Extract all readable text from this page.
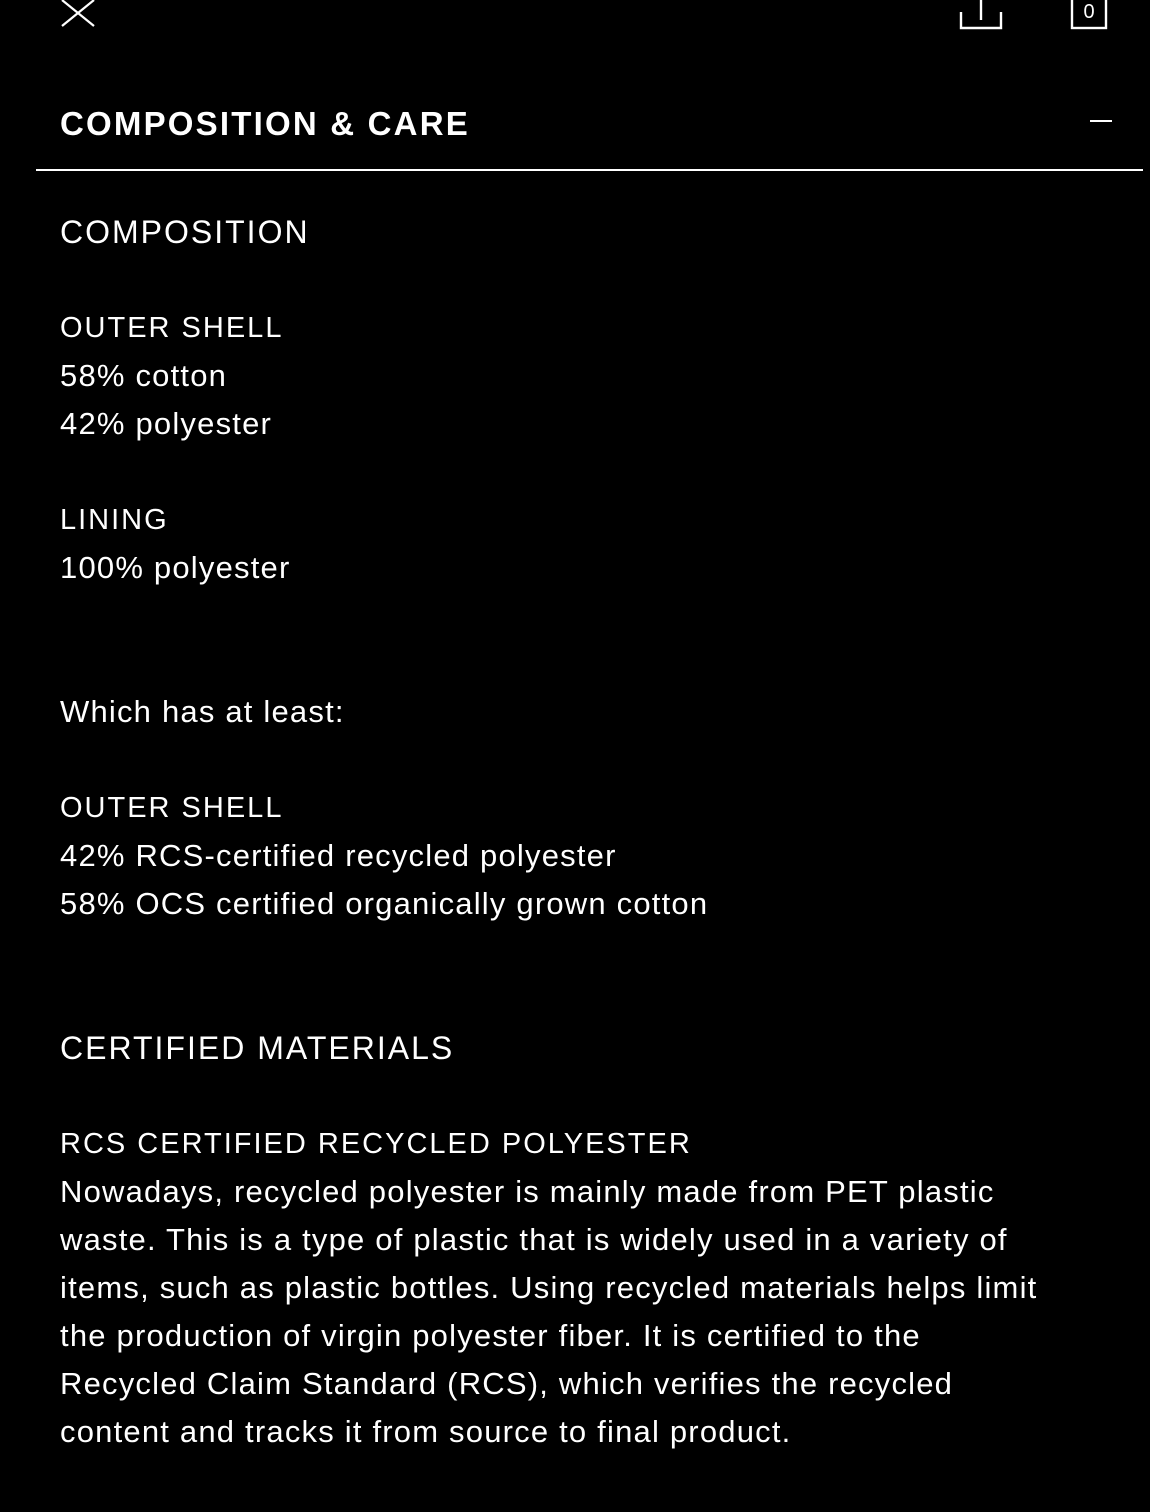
0
COMPOSITION & CARE
COMPOSITION
OUTER SHELL
58% cotton
42% polyester
LINING
100% polyester
Which has at least:
OUTER SHELL
42% RCS-certified recycled polyester
58% OCS certified organically grown cotton
CERTIFIED MATERIALS
RCS CERTIFIED RECYCLED POLYESTER
Nowadays, recycled polyester is mainly made from PET plastic
waste. This is a type of plastic that is widely used in a variety of
items, such as plastic bottles. Using recycled materials helps limit
the production of virgin polyester fiber. It is certified to the
Recycled Claim Standard (RCS), which verifies the recycled
content and tracks it from source to final product.
